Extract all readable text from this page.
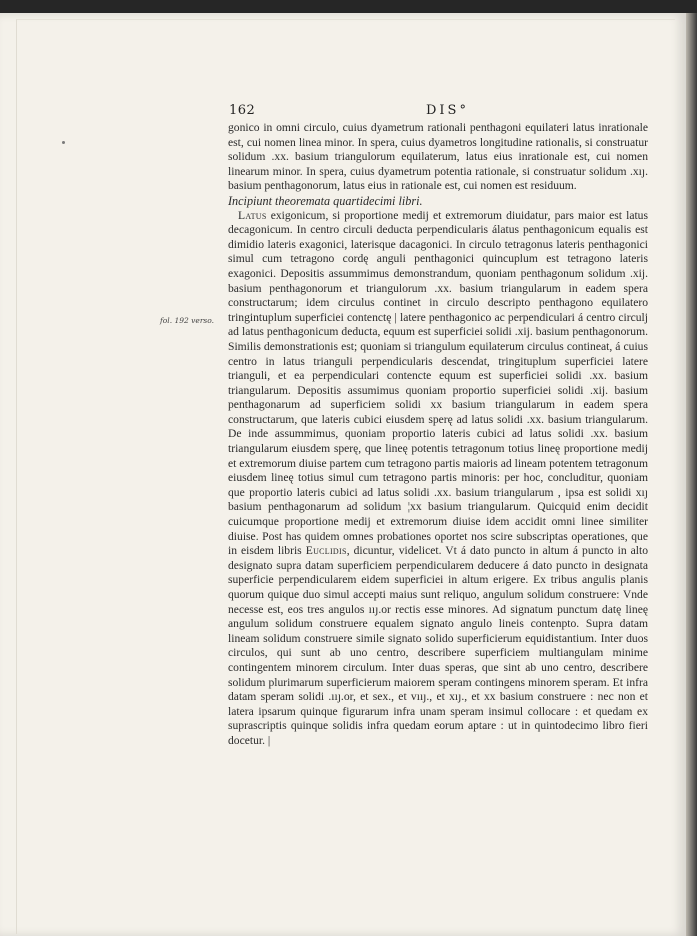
162	DIS°
fol. 192 verso.

gonico in omni circulo, cuius dyametrum rationali penthagoni equilateri latus inrationale est, cui nomen linea minor. In spera, cuius dyametros longitudine rationalis, si construatur solidum .xx. basium triangulorum equilaterum, latus eius inrationale est, cui nomen linearum minor. In spera, cuius dyametrum potentia rationale, si construatur solidum .xıȷ. basium penthagonorum, latus eius in rationale est, cui nomen est residuum.

Incipiunt theoremata quartidecimi libri.

Latus exigonicum, si proportione medij et extremorum diuidatur, pars maior est latus decagonicum. In centro circuli deducta perpendicularis álatus penthagonicum equalis est dimidio lateris exagonici, laterisque dacagonici. In circulo tetragonus lateris penthagonici simul cum tetragono cordę anguli penthagonici quincuplum est tetragono lateris exagonici. Depositis assummimus demonstrandum, quoniam penthagonum solidum .xij. basium penthagonorum et triangulorum .xx. basium triangularum in eadem spera constructarum; idem circulus continet in circulo descripto penthagono equilatero tringintuplum superficiei contenctę | latere penthagonico ac perpendiculari á centro circulj ad latus penthagonicum deducta, equum est superficiei solidi .xij. basium penthagonorum. Similis demonstrationis est; quoniam si triangulum equilaterum circulus contineat, á cuius centro in latus trianguli perpendicularis descendat, tringituplum superficiei latere trianguli, et ea perpendiculari contencte equum est superficiei solidi .xx. basium triangularum. Depositis assumimus quoniam proportio superficiei solidi .xij. basium penthagonarum ad superficiem solidi xx basium triangularum in eadem spera constructarum, que lateris cubici eiusdem sperę ad latus solidi .xx. basium triangularum. De inde assummimus, quoniam proportio lateris cubici ad latus solidi .xx. basium triangularum eiusdem sperę, que lineę potentis tetragonum totius lineę proportione medij et extremorum diuise partem cum tetragono partis maioris ad lineam potentem tetragonum eiusdem lineę totius simul cum tetragono partis minoris: per hoc, concluditur, quoniam que proportio lateris cubici ad latus solidi .xx. basium triangularum , ipsa est solidi xıȷ basium penthagonarum ad solidum ¦xx basium triangularum. Quicquid enim decidit cuicumque proportione medij et extremorum diuise idem accidit omni linee similiter diuise. Post has quidem omnes probationes oportet nos scire subscriptas operationes, que in eisdem libris Euclidis, dicuntur, videlicet. Vt á dato puncto in altum á puncto in alto designato supra datam superficiem perpendicularem deducere á dato puncto in designata superficie perpendicularem eidem superficiei in altum erigere. Ex tribus angulis planis quorum quique duo simul accepti maius sunt reliquo, angulum solidum construere: Vnde necesse est, eos tres angulos ııȷ.or rectis esse minores. Ad signatum punctum datę lineę angulum solidum construere equalem signato angulo lineis contenpto. Supra datam lineam solidum construere simile signato solido superficierum equidistantium. Inter duos circulos, qui sunt ab uno centro, describere superficiem multiangulam minime contingentem minorem circulum. Inter duas speras, que sint ab uno centro, describere solidum plurimarum superficierum maiorem speram contingens minorem speram. Et infra datam speram solidi .ııȷ.or, et sex., et vııȷ., et xıȷ., et xx basium construere : nec non et latera ipsarum quinque figurarum infra unam speram insimul collocare : et quedam ex suprascriptis quinque solidis infra quedam eorum aptare : ut in quintodecimo libro fieri docetur. |
